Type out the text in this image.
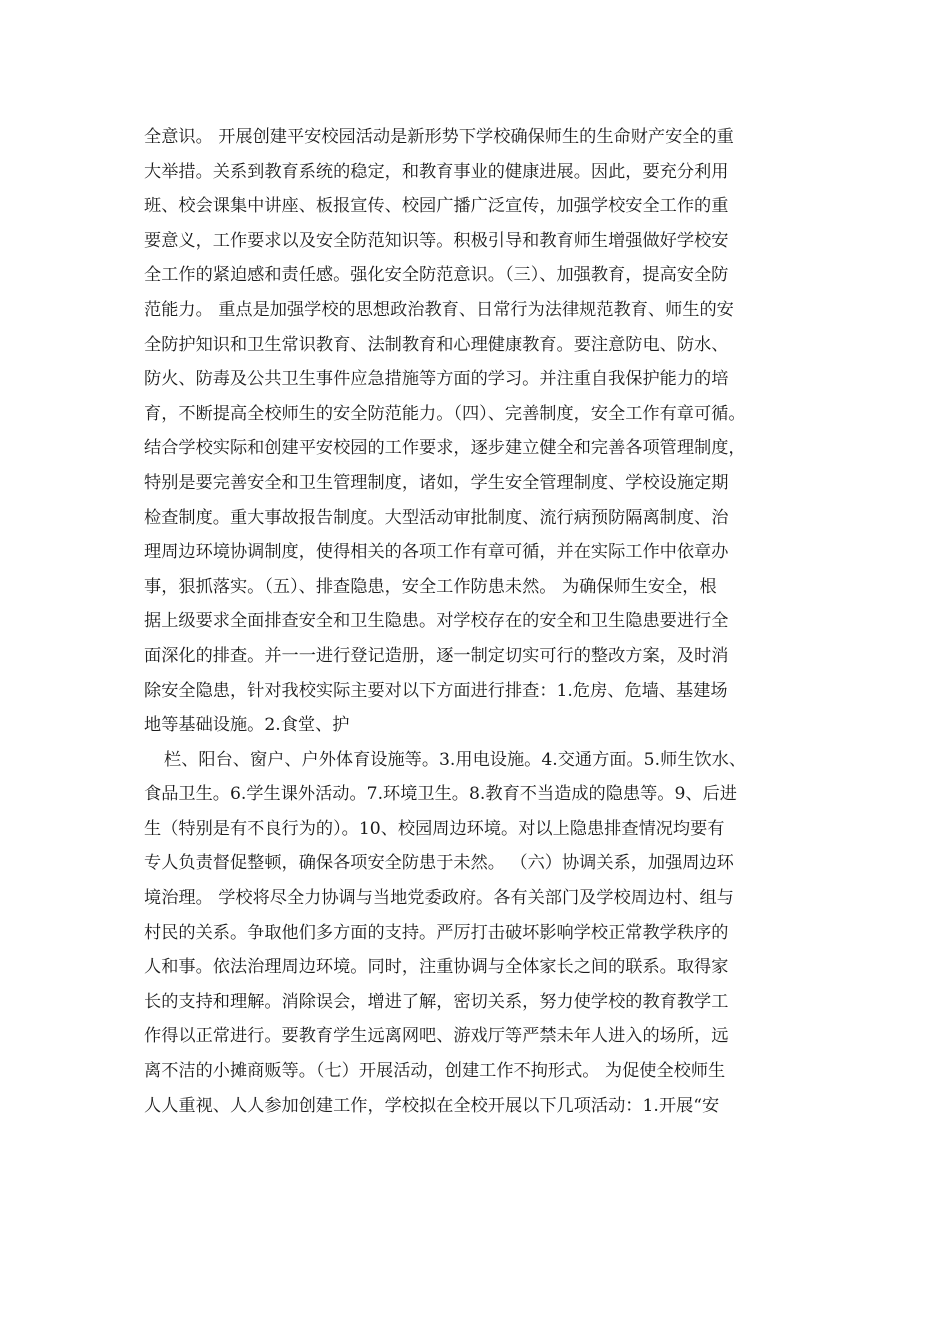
全意识。 开展创建平安校园活动是新形势下学校确保师生的生命财产安全的重
大举措。关系到教育系统的稳定，和教育事业的健康进展。因此，要充分利用
班、校会课集中讲座、板报宣传、校园广播广泛宣传，加强学校安全工作的重
要意义，工作要求以及安全防范知识等。积极引导和教育师生增强做好学校安
全工作的紧迫感和责任感。强化安全防范意识。（三）、加强教育，提高安全防
范能力。 重点是加强学校的思想政治教育、日常行为法律规范教育、师生的安
全防护知识和卫生常识教育、法制教育和心理健康教育。要注意防电、防水、
防火、防毒及公共卫生事件应急措施等方面的学习。并注重自我保护能力的培
育，不断提高全校师生的安全防范能力。（四）、完善制度，安全工作有章可循。
结合学校实际和创建平安校园的工作要求，逐步建立健全和完善各项管理制度，
特别是要完善安全和卫生管理制度，诸如，学生安全管理制度、学校设施定期
检查制度。重大事故报告制度。大型活动审批制度、流行病预防隔离制度、治
理周边环境协调制度，使得相关的各项工作有章可循，并在实际工作中依章办
事，狠抓落实。（五）、排查隐患，安全工作防患未然。 为确保师生安全，根
据上级要求全面排查安全和卫生隐患。对学校存在的安全和卫生隐患要进行全
面深化的排查。并一一进行登记造册，逐一制定切实可行的整改方案，及时消
除安全隐患，针对我校实际主要对以下方面进行排查：1.危房、危墙、基建场
地等基础设施。2.食堂、护
栏、阳台、窗户、户外体育设施等。3.用电设施。4.交通方面。5.师生饮水、
食品卫生。6.学生课外活动。7.环境卫生。8.教育不当造成的隐患等。9、后进
生（特别是有不良行为的）。10、校园周边环境。对以上隐患排查情况均要有
专人负责督促整顿，确保各项安全防患于未然。 （六）协调关系，加强周边环
境治理。 学校将尽全力协调与当地党委政府。各有关部门及学校周边村、组与
村民的关系。争取他们多方面的支持。严厉打击破坏影响学校正常教学秩序的
人和事。依法治理周边环境。同时，注重协调与全体家长之间的联系。取得家
长的支持和理解。消除误会，增进了解，密切关系，努力使学校的教育教学工
作得以正常进行。要教育学生远离网吧、游戏厅等严禁未年人进入的场所，远
离不洁的小摊商贩等。（七）开展活动，创建工作不拘形式。 为促使全校师生
人人重视、人人参加创建工作，学校拟在全校开展以下几项活动：1.开展“安
